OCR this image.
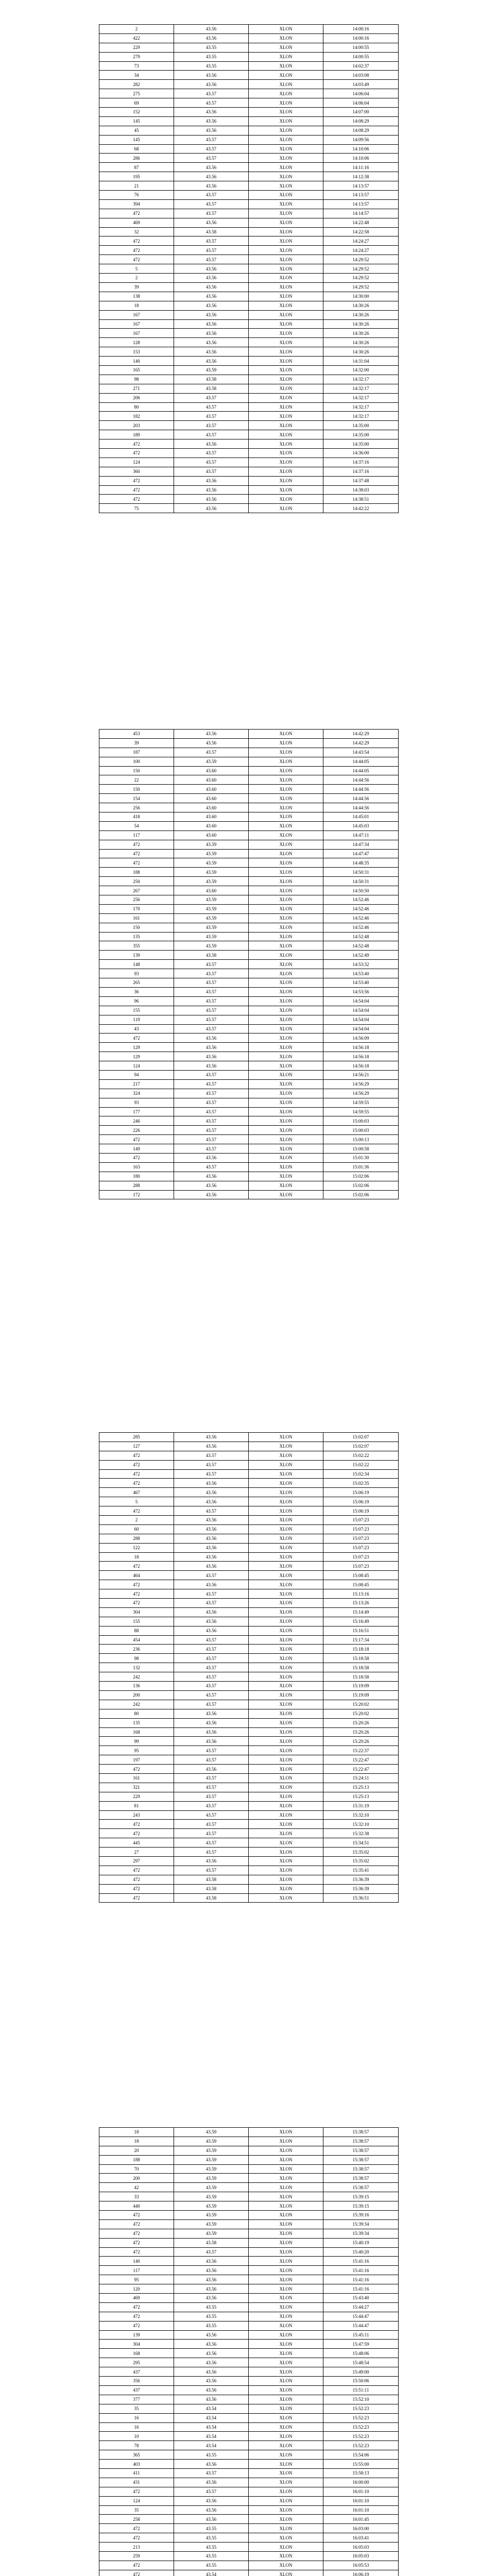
2	43.56	XLON	14:00:16
422	43.56	XLON	14:00:16
229	43.55	XLON	14:00:55
279	43.55	XLON	14:00:55
73	43.55	XLON	14:02:37
34	43.56	XLON	14:03:08
282	43.56	XLON	14:03:49
275	43.57	XLON	14:06:04
69	43.57	XLON	14:06:04
152	43.56	XLON	14:07:00
145	43.56	XLON	14:08:29
45	43.56	XLON	14:08:29
145	43.57	XLON	14:09:56
68	43.57	XLON	14:10:06
286	43.57	XLON	14:10:06
87	43.56	XLON	14:11:16
195	43.56	XLON	14:12:38
21	43.56	XLON	14:13:57
76	43.57	XLON	14:13:57
394	43.57	XLON	14:13:57
472	43.57	XLON	14:14:57
469	43.56	XLON	14:22:48
32	43.58	XLON	14:22:58
472	43.57	XLON	14:24:27
472	43.57	XLON	14:24:27
472	43.57	XLON	14:29:52
5	43.56	XLON	14:29:52
2	43.56	XLON	14:29:52
39	43.56	XLON	14:29:52
138	43.56	XLON	14:30:00
18	43.56	XLON	14:30:26
167	43.56	XLON	14:30:26
167	43.56	XLON	14:30:26
167	43.56	XLON	14:30:26
128	43.56	XLON	14:30:26
153	43.56	XLON	14:30:26
140	43.56	XLON	14:31:04
165	43.59	XLON	14:32:00
98	43.58	XLON	14:32:17
271	43.58	XLON	14:32:17
206	43.57	XLON	14:32:17
80	43.57	XLON	14:32:17
182	43.57	XLON	14:32:17
203	43.57	XLON	14:35:00
189	43.57	XLON	14:35:00
472	43.56	XLON	14:35:00
472	43.57	XLON	14:36:00
124	43.57	XLON	14:37:16
360	43.57	XLON	14:37:16
472	43.56	XLON	14:37:48
472	43.56	XLON	14:38:03
472	43.56	XLON	14:38:51
75	43.56	XLON	14:42:22
453	43.56	XLON	14:42:29
39	43.56	XLON	14:42:29
187	43.57	XLON	14:43:54
100	43.59	XLON	14:44:05
150	43.60	XLON	14:44:05
22	43.60	XLON	14:44:56
150	43.60	XLON	14:44:56
154	43.60	XLON	14:44:56
256	43.60	XLON	14:44:56
418	43.60	XLON	14:45:01
54	43.60	XLON	14:45:03
117	43.60	XLON	14:47:11
472	43.59	XLON	14:47:34
472	43.59	XLON	14:47:47
472	43.59	XLON	14:48:35
188	43.59	XLON	14:50:31
250	43.59	XLON	14:50:31
267	43.60	XLON	14:50:50
256	43.59	XLON	14:52:46
170	43.59	XLON	14:52:46
161	43.59	XLON	14:52:46
150	43.59	XLON	14:52:46
135	43.59	XLON	14:52:48
355	43.59	XLON	14:52:48
139	43.58	XLON	14:52:49
148	43.57	XLON	14:53:32
93	43.57	XLON	14:53:40
265	43.57	XLON	14:53:40
36	43.57	XLON	14:53:56
96	43.57	XLON	14:54:04
155	43.57	XLON	14:54:04
119	43.57	XLON	14:54:04
43	43.57	XLON	14:54:04
472	43.56	XLON	14:56:09
129	43.56	XLON	14:56:18
129	43.56	XLON	14:56:18
124	43.56	XLON	14:56:18
94	43.57	XLON	14:56:21
217	43.57	XLON	14:56:29
324	43.57	XLON	14:56:29
93	43.57	XLON	14:59:55
177	43.57	XLON	14:59:55
246	43.57	XLON	15:00:03
226	43.57	XLON	15:00:03
472	43.57	XLON	15:00:13
149	43.57	XLON	15:00:58
472	43.56	XLON	15:01:30
163	43.57	XLON	15:01:36
180	43.56	XLON	15:02:06
288	43.56	XLON	15:02:06
172	43.56	XLON	15:02:06
285	43.56	XLON	15:02:07
127	43.56	XLON	15:02:07
472	43.57	XLON	15:02:22
472	43.57	XLON	15:02:22
472	43.57	XLON	15:02:34
472	43.56	XLON	15:02:35
467	43.56	XLON	15:06:19
5	43.56	XLON	15:06:19
472	43.57	XLON	15:06:19
2	43.56	XLON	15:07:23
60	43.56	XLON	15:07:23
288	43.56	XLON	15:07:23
122	43.56	XLON	15:07:23
18	43.56	XLON	15:07:23
472	43.56	XLON	15:07:23
464	43.57	XLON	15:08:45
472	43.56	XLON	15:08:45
472	43.57	XLON	15:13:16
472	43.57	XLON	15:13:26
304	43.56	XLON	15:14:49
155	43.56	XLON	15:16:49
88	43.56	XLON	15:16:51
454	43.57	XLON	15:17:34
236	43.57	XLON	15:18:18
98	43.57	XLON	15:18:58
132	43.57	XLON	15:18:58
242	43.57	XLON	15:18:58
136	43.57	XLON	15:19:09
200	43.57	XLON	15:19:09
242	43.57	XLON	15:20:02
80	43.56	XLON	15:20:02
135	43.56	XLON	15:20:26
168	43.56	XLON	15:20:26
99	43.56	XLON	15:20:26
95	43.57	XLON	15:22:37
197	43.57	XLON	15:22:47
472	43.56	XLON	15:22:47
161	43.57	XLON	15:24:11
321	43.57	XLON	15:25:13
229	43.57	XLON	15:25:13
81	43.57	XLON	15:31:19
243	43.57	XLON	15:32:10
472	43.57	XLON	15:32:10
472	43.57	XLON	15:32:38
445	43.57	XLON	15:34:51
27	43.57	XLON	15:35:02
297	43.56	XLON	15:35:02
472	43.57	XLON	15:35:41
472	43.58	XLON	15:36:39
472	43.58	XLON	15:36:39
472	43.58	XLON	15:36:51
18	43.59	XLON	15:38:57
18	43.59	XLON	15:38:57
20	43.59	XLON	15:38:57
188	43.59	XLON	15:38:57
70	43.59	XLON	15:38:57
200	43.59	XLON	15:38:57
42	43.59	XLON	15:38:57
33	43.59	XLON	15:39:15
440	43.59	XLON	15:39:15
472	43.59	XLON	15:39:16
472	43.59	XLON	15:39:34
472	43.59	XLON	15:39:34
472	43.58	XLON	15:40:19
472	43.57	XLON	15:40:20
140	43.56	XLON	15:41:16
117	43.56	XLON	15:41:16
95	43.56	XLON	15:41:16
120	43.56	XLON	15:41:16
469	43.56	XLON	15:43:40
472	43.55	XLON	15:44:27
472	43.55	XLON	15:44:47
472	43.55	XLON	15:44:47
139	43.56	XLON	15:45:11
304	43.56	XLON	15:47:59
168	43.56	XLON	15:48:06
295	43.56	XLON	15:48:54
437	43.56	XLON	15:49:00
356	43.56	XLON	15:50:06
437	43.56	XLON	15:51:11
377	43.56	XLON	15:52:10
35	43.54	XLON	15:52:23
16	43.54	XLON	15:52:23
16	43.54	XLON	15:52:23
10	43.54	XLON	15:52:23
78	43.54	XLON	15:52:23
365	43.55	XLON	15:54:06
403	43.56	XLON	15:55:00
411	43.57	XLON	15:58:13
431	43.56	XLON	16:00:00
472	43.57	XLON	16:01:10
124	43.56	XLON	16:01:10
35	43.56	XLON	16:01:10
258	43.56	XLON	16:01:45
472	43.55	XLON	16:03:00
472	43.55	XLON	16:03:41
213	43.55	XLON	16:05:03
259	43.55	XLON	16:05:03
472	43.55	XLON	16:05:53
472	43.54	XLON	16:06:19
